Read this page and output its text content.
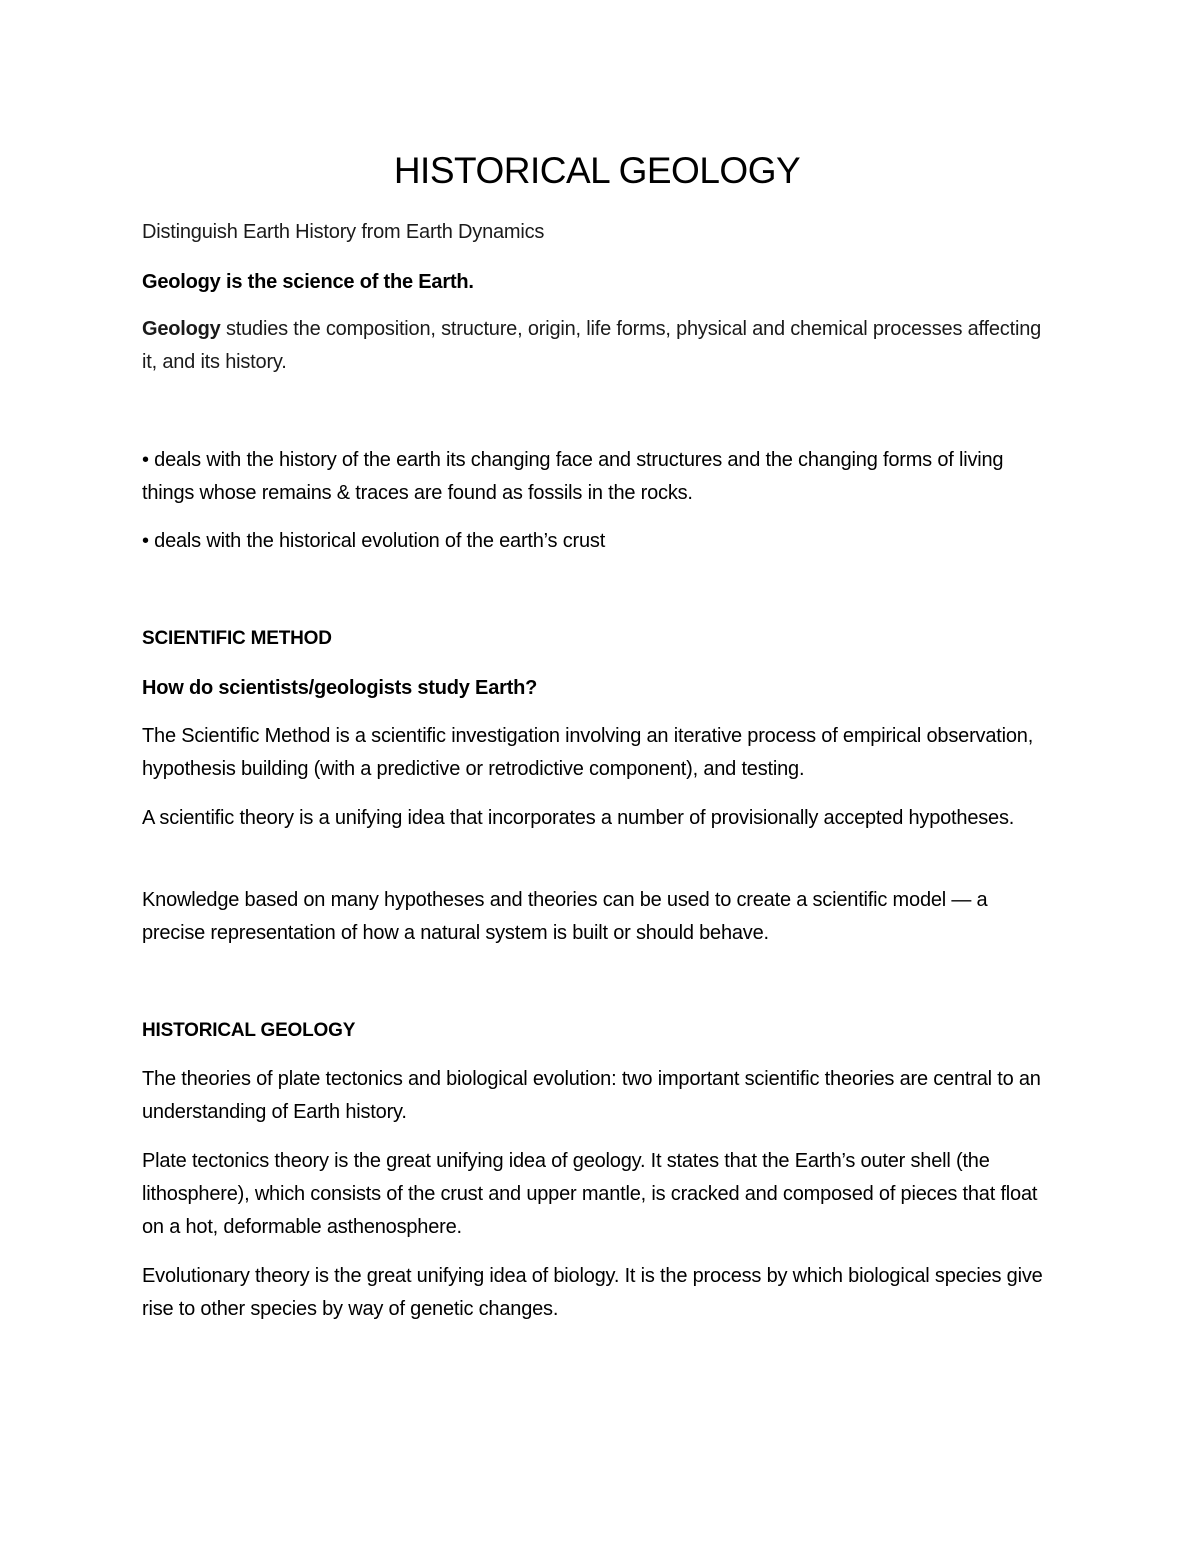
HISTORICAL GEOLOGY

Distinguish Earth History from Earth Dynamics

Geology is the science of the Earth.

Geology studies the composition, structure, origin, life forms, physical and chemical processes affecting it, and its history.

• deals with the history of the earth its changing face and structures and the changing forms of living things whose remains & traces are found as fossils in the rocks.

• deals with the historical evolution of the earth’s crust

SCIENTIFIC METHOD

How do scientists/geologists study Earth?

The Scientific Method is a scientific investigation involving an iterative process of empirical observation, hypothesis building (with a predictive or retrodictive component), and testing.

A scientific theory is a unifying idea that incorporates a number of provisionally accepted hypotheses.

Knowledge based on many hypotheses and theories can be used to create a scientific model — a precise representation of how a natural system is built or should behave.

HISTORICAL GEOLOGY

The theories of plate tectonics and biological evolution: two important scientific theories are central to an understanding of Earth history.

Plate tectonics theory is the great unifying idea of geology. It states that the Earth’s outer shell (the lithosphere), which consists of the crust and upper mantle, is cracked and composed of pieces that float on a hot, deformable asthenosphere.

Evolutionary theory is the great unifying idea of biology. It is the process by which biological species give rise to other species by way of genetic changes.
